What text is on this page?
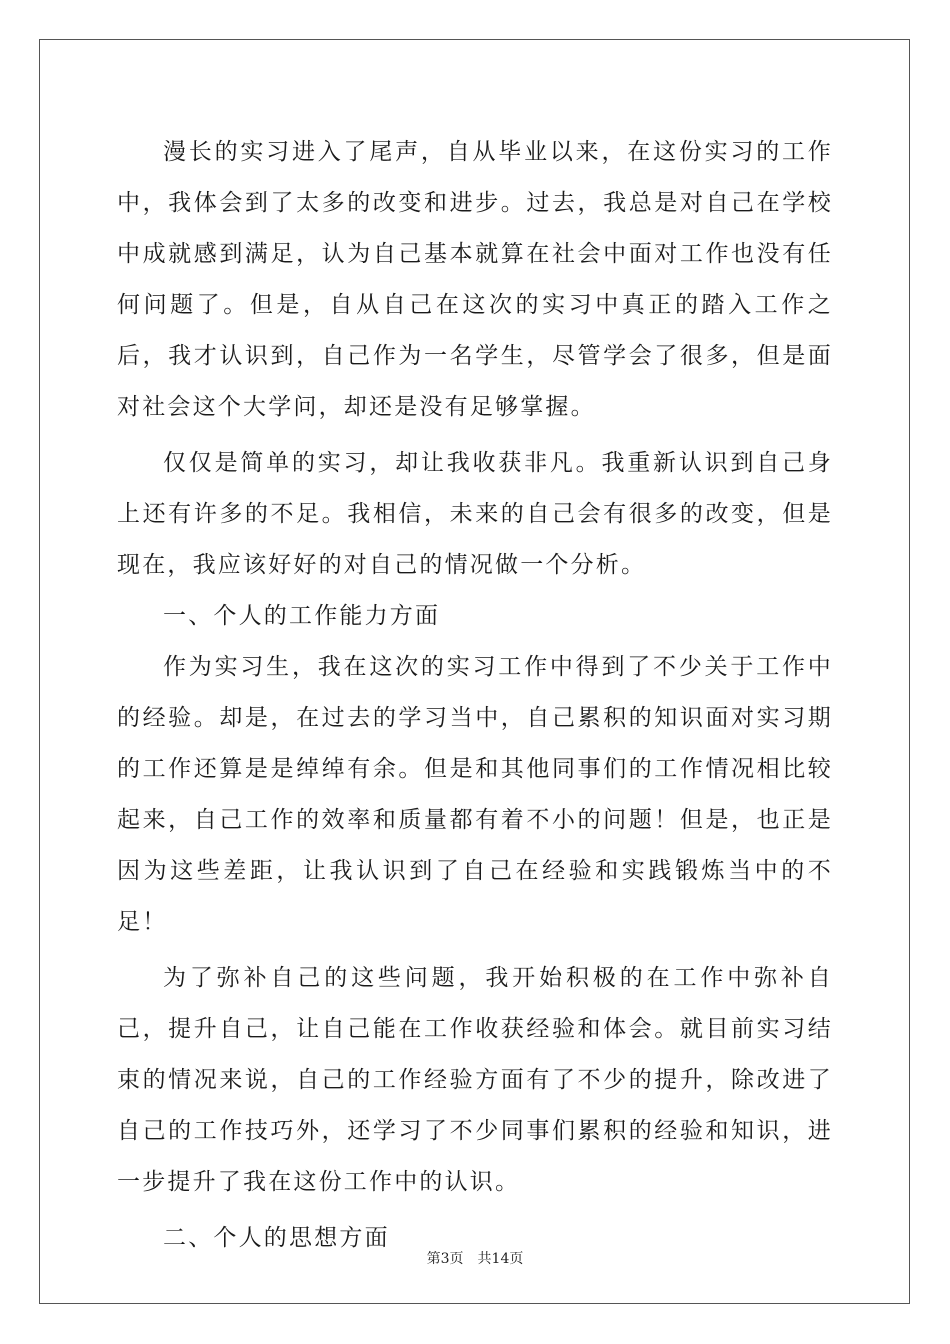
漫长的实习进入了尾声，自从毕业以来，在这份实习的工作中，我体会到了太多的改变和进步。过去，我总是对自己在学校中成就感到满足，认为自己基本就算在社会中面对工作也没有任何问题了。但是，自从自己在这次的实习中真正的踏入工作之后，我才认识到，自己作为一名学生，尽管学会了很多，但是面对社会这个大学问，却还是没有足够掌握。

仅仅是简单的实习，却让我收获非凡。我重新认识到自己身上还有许多的不足。我相信，未来的自己会有很多的改变，但是现在，我应该好好的对自己的情况做一个分析。

一、个人的工作能力方面

作为实习生，我在这次的实习工作中得到了不少关于工作中的经验。却是，在过去的学习当中，自己累积的知识面对实习期的工作还算是是绰绰有余。但是和其他同事们的工作情况相比较起来，自己工作的效率和质量都有着不小的问题！但是，也正是因为这些差距，让我认识到了自己在经验和实践锻炼当中的不足！

为了弥补自己的这些问题，我开始积极的在工作中弥补自己，提升自己，让自己能在工作收获经验和体会。就目前实习结束的情况来说，自己的工作经验方面有了不少的提升，除改进了自己的工作技巧外，还学习了不少同事们累积的经验和知识，进一步提升了我在这份工作中的认识。

二、个人的思想方面

第3页 共14页
